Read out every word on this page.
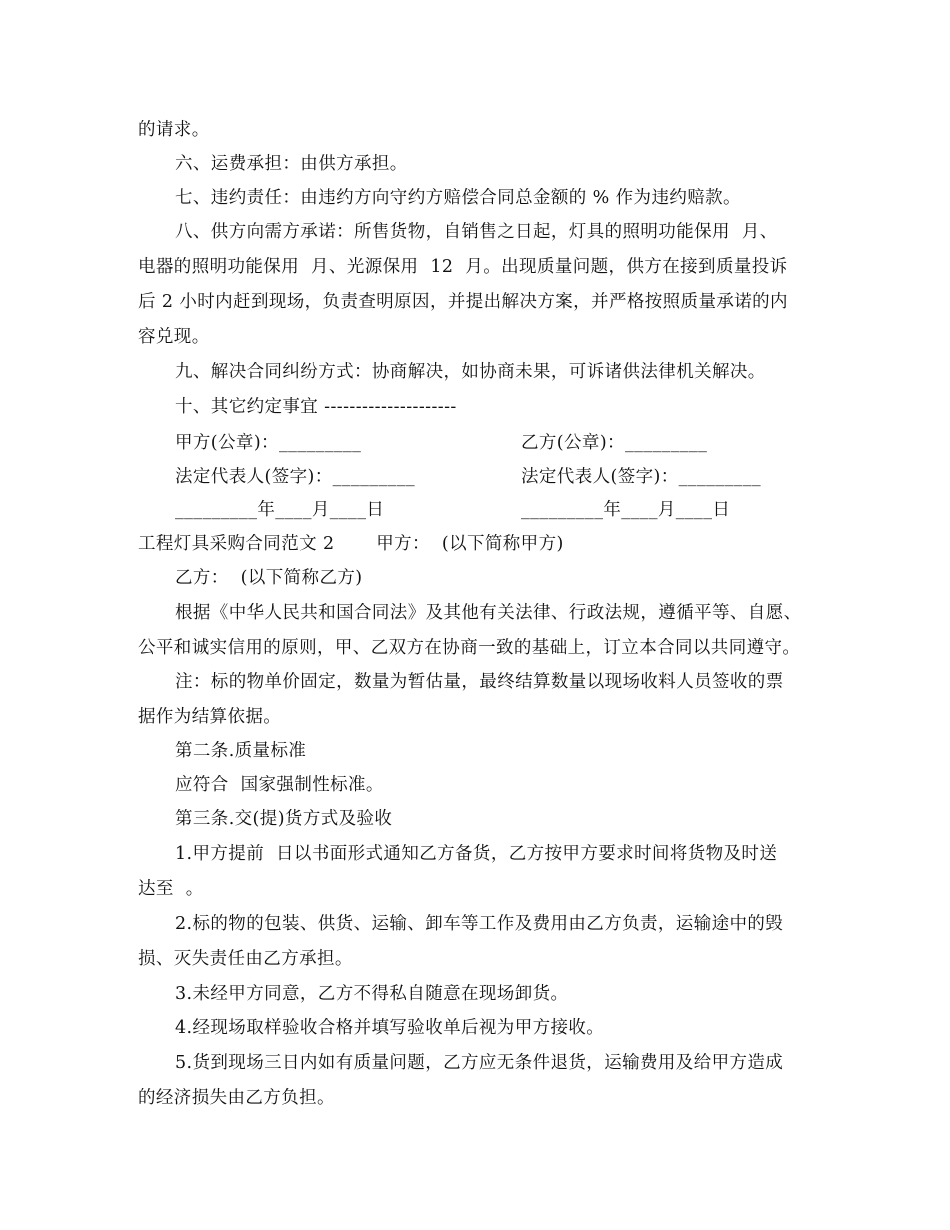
的请求。
六、运费承担：由供方承担。
七、违约责任：由违约方向守约方赔偿合同总金额的 % 作为违约赔款。
八、供方向需方承诺：所售货物，自销售之日起，灯具的照明功能保用  月、
电器的照明功能保用  月、光源保用  12  月。出现质量问题，供方在接到质量投诉
后 2 小时内赶到现场，负责查明原因，并提出解决方案，并严格按照质量承诺的内
容兑现。
九、解决合同纠纷方式：协商解决，如协商未果，可诉诸供法律机关解决。
十、其它约定事宜 ---------------------
甲方(公章)：_________	乙方(公章)：_________
法定代表人(签字)：_________	法定代表人(签字)：_________
_________年____月____日	_________年____月____日
工程灯具采购合同范文 2       甲方：  (以下简称甲方)
乙方：  (以下简称乙方)
根据《中华人民共和国合同法》及其他有关法律、行政法规，遵循平等、自愿、
公平和诚实信用的原则，甲、乙双方在协商一致的基础上，订立本合同以共同遵守。
注：标的物单价固定，数量为暂估量，最终结算数量以现场收料人员签收的票
据作为结算依据。
第二条.质量标准
应符合  国家强制性标准。
第三条.交(提)货方式及验收
1.甲方提前  日以书面形式通知乙方备货，乙方按甲方要求时间将货物及时送
达至  。
2.标的物的包装、供货、运输、卸车等工作及费用由乙方负责，运输途中的毁
损、灭失责任由乙方承担。
3.未经甲方同意，乙方不得私自随意在现场卸货。
4.经现场取样验收合格并填写验收单后视为甲方接收。
5.货到现场三日内如有质量问题，乙方应无条件退货，运输费用及给甲方造成
的经济损失由乙方负担。
